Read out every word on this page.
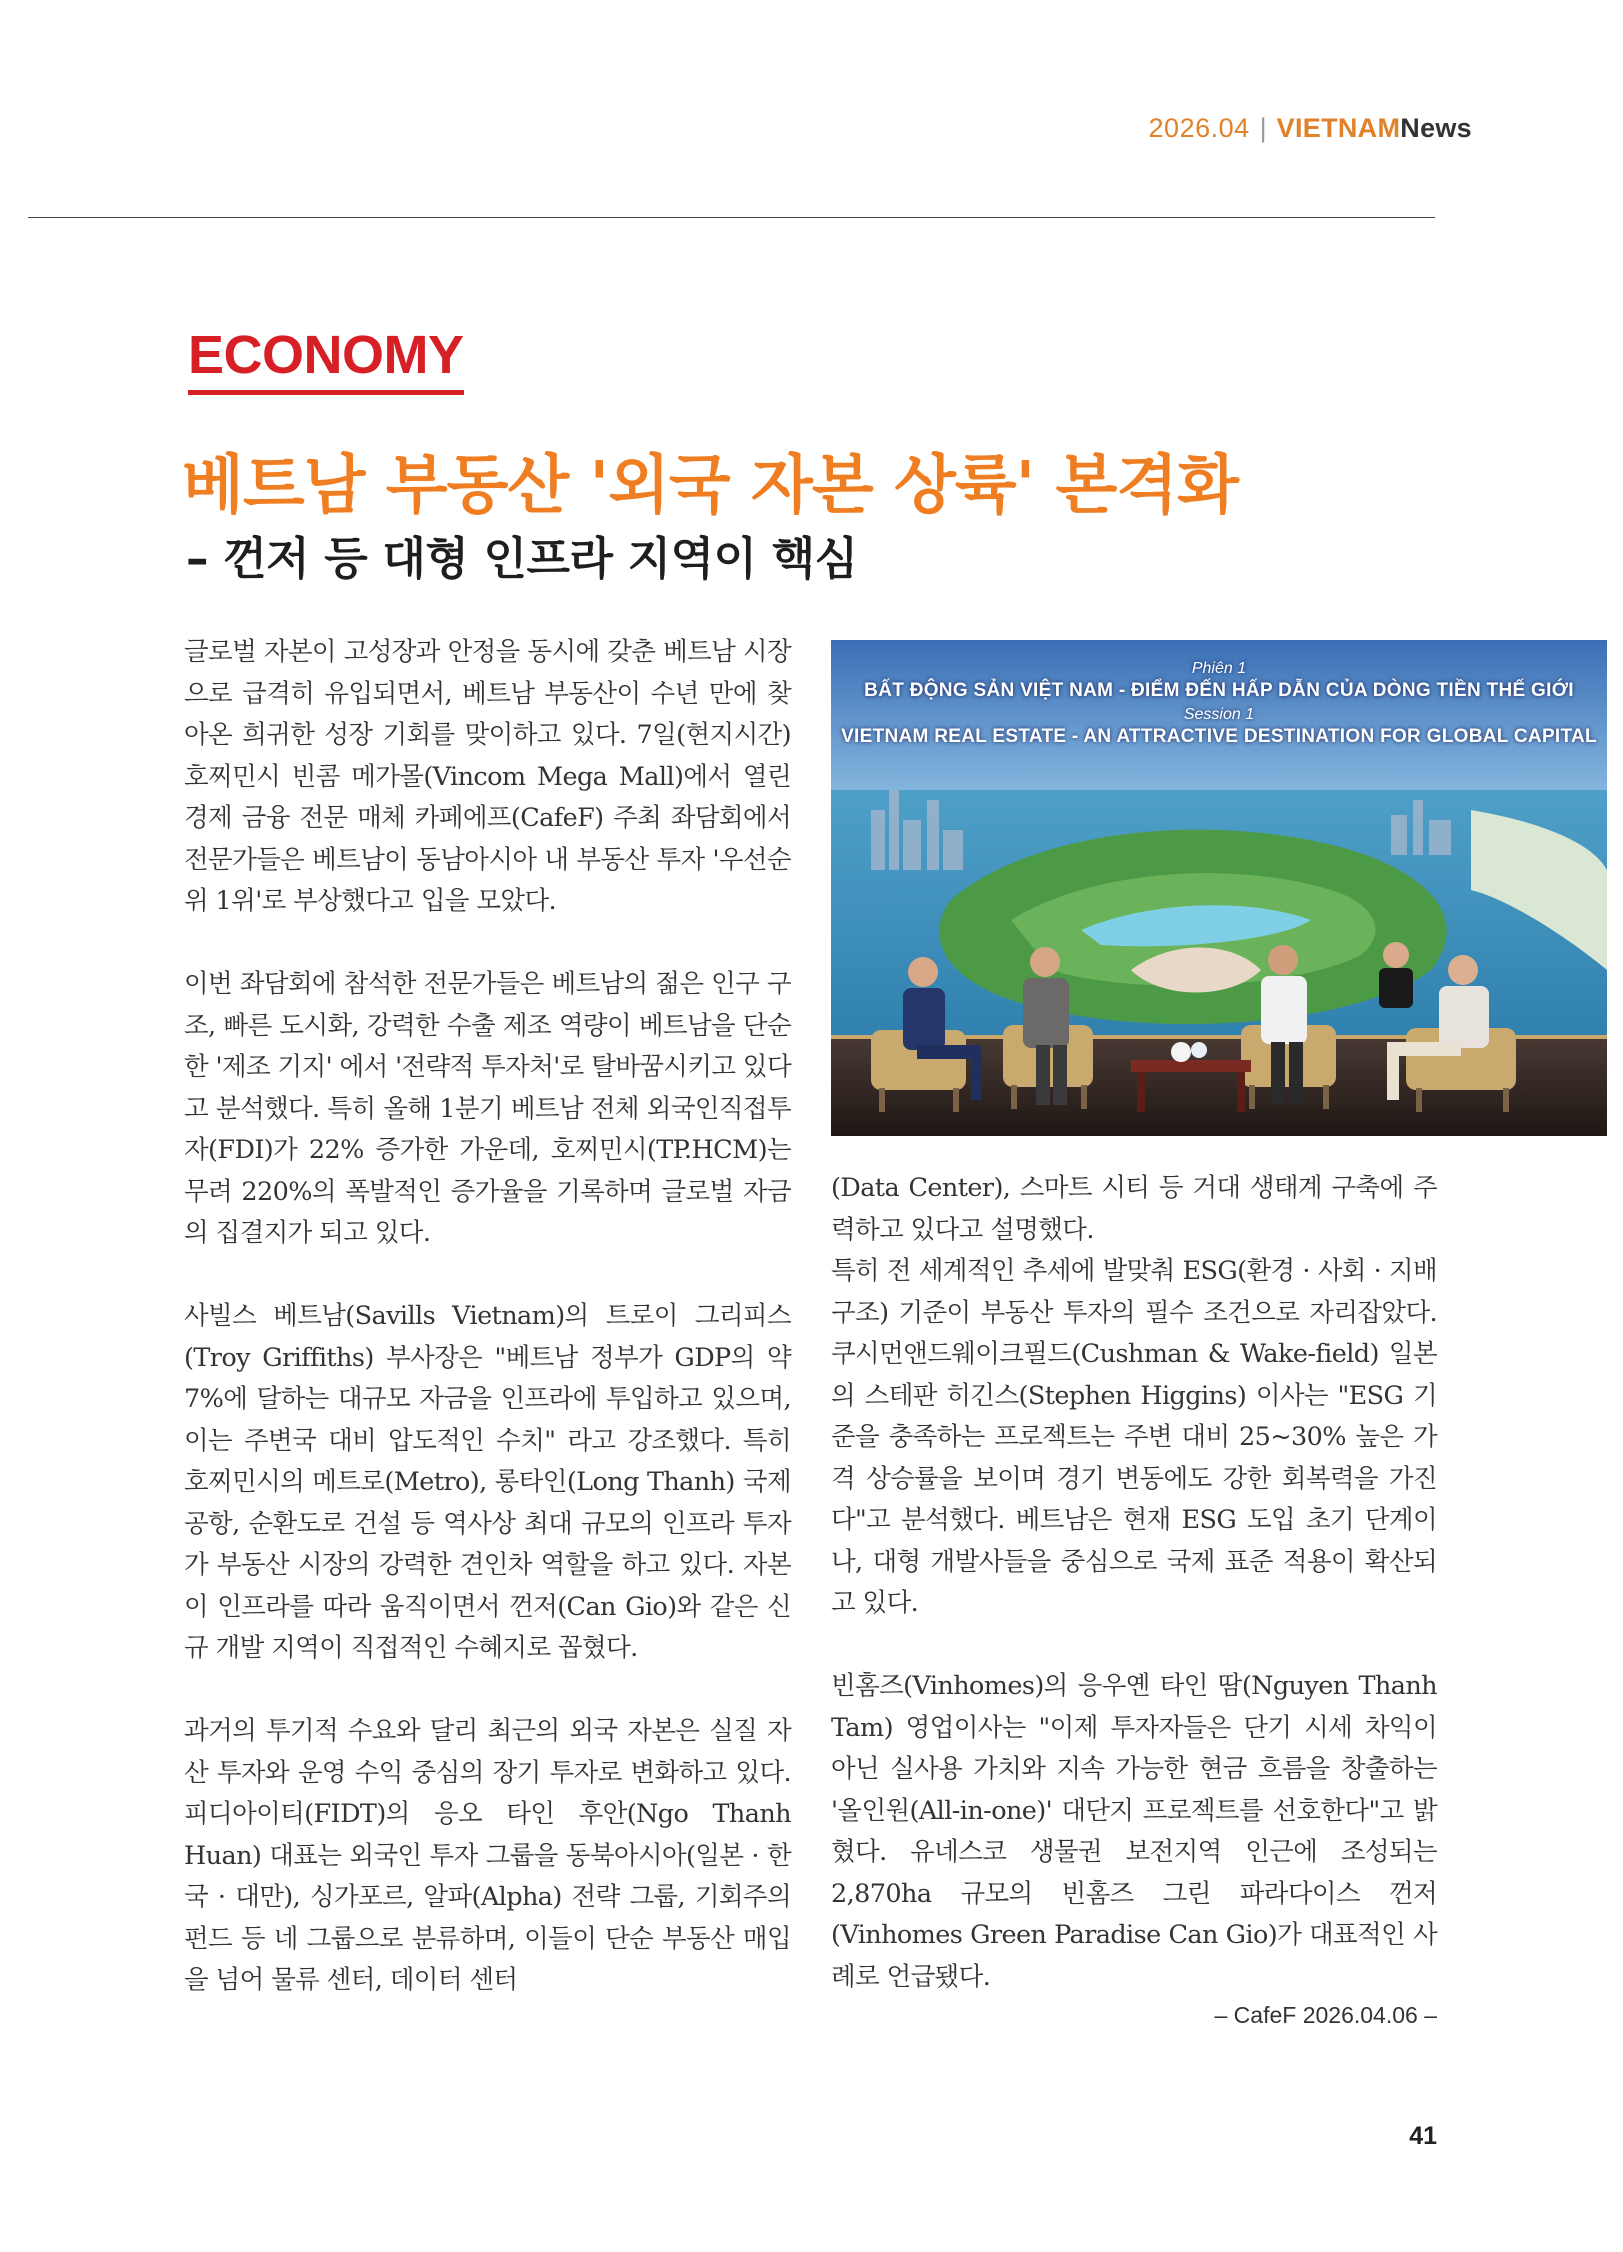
2026.04 | VIETNAMNews
ECONOMY
베트남 부동산 '외국 자본 상륙' 본격화
– 껀저 등 대형 인프라 지역이 핵심

글로벌 자본이 고성장과 안정을 동시에 갖춘 베트남 시장으로 급격히 유입되면서, 베트남 부동산이 수년 만에 찾아온 희귀한 성장 기회를 맞이하고 있다. 7일(현지시간) 호찌민시 빈콤 메가몰(Vincom Mega Mall)에서 열린 경제 금융 전문 매체 카페에프(CafeF) 주최 좌담회에서 전문가들은 베트남이 동남아시아 내 부동산 투자 '우선순위 1위'로 부상했다고 입을 모았다.

이번 좌담회에 참석한 전문가들은 베트남의 젊은 인구 구조, 빠른 도시화, 강력한 수출 제조 역량이 베트남을 단순한 '제조 기지' 에서 '전략적 투자처'로 탈바꿈시키고 있다고 분석했다. 특히 올해 1분기 베트남 전체 외국인직접투자(FDI)가 22% 증가한 가운데, 호찌민시(TP.HCM)는 무려 220%의 폭발적인 증가율을 기록하며 글로벌 자금의 집결지가 되고 있다.

사빌스 베트남(Savills Vietnam)의 트로이 그리피스(Troy Griffiths) 부사장은 "베트남 정부가 GDP의 약 7%에 달하는 대규모 자금을 인프라에 투입하고 있으며, 이는 주변국 대비 압도적인 수치" 라고 강조했다. 특히 호찌민시의 메트로(Metro), 롱타인(Long Thanh) 국제공항, 순환도로 건설 등 역사상 최대 규모의 인프라 투자가 부동산 시장의 강력한 견인차 역할을 하고 있다. 자본이 인프라를 따라 움직이면서 껀저(Can Gio)와 같은 신규 개발 지역이 직접적인 수혜지로 꼽혔다.

과거의 투기적 수요와 달리 최근의 외국 자본은 실질 자산 투자와 운영 수익 중심의 장기 투자로 변화하고 있다. 피디아이티(FIDT)의 응오 타인 후안(Ngo Thanh Huan) 대표는 외국인 투자 그룹을 동북아시아(일본 · 한국 · 대만), 싱가포르, 알파(Alpha) 전략 그룹, 기회주의 펀드 등 네 그룹으로 분류하며, 이들이 단순 부동산 매입을 넘어 물류 센터, 데이터 센터

Phiên 1
BẤT ĐỘNG SẢN VIỆT NAM - ĐIỂM ĐẾN HẤP DẪN CỦA DÒNG TIỀN THẾ GIỚI
Session 1
VIETNAM REAL ESTATE - AN ATTRACTIVE DESTINATION FOR GLOBAL CAPITAL

(Data Center), 스마트 시티 등 거대 생태계 구축에 주력하고 있다고 설명했다.

특히 전 세계적인 추세에 발맞춰 ESG(환경 · 사회 · 지배구조) 기준이 부동산 투자의 필수 조건으로 자리잡았다. 쿠시먼앤드웨이크필드(Cushman & Wake-field) 일본의 스테판 히긴스(Stephen Higgins) 이사는 "ESG 기준을 충족하는 프로젝트는 주변 대비 25~30% 높은 가격 상승률을 보이며 경기 변동에도 강한 회복력을 가진다"고 분석했다. 베트남은 현재 ESG 도입 초기 단계이나, 대형 개발사들을 중심으로 국제 표준 적용이 확산되고 있다.

빈홈즈(Vinhomes)의 응우옌 타인 땀(Nguyen Thanh Tam) 영업이사는 "이제 투자자들은 단기 시세 차익이 아닌 실사용 가치와 지속 가능한 현금 흐름을 창출하는 '올인원(All-in-one)' 대단지 프로젝트를 선호한다"고 밝혔다. 유네스코 생물권 보전지역 인근에 조성되는 2,870ha 규모의 빈홈즈 그린 파라다이스 껀저(Vinhomes Green Paradise Can Gio)가 대표적인 사례로 언급됐다.

– CafeF 2026.04.06 –
41
